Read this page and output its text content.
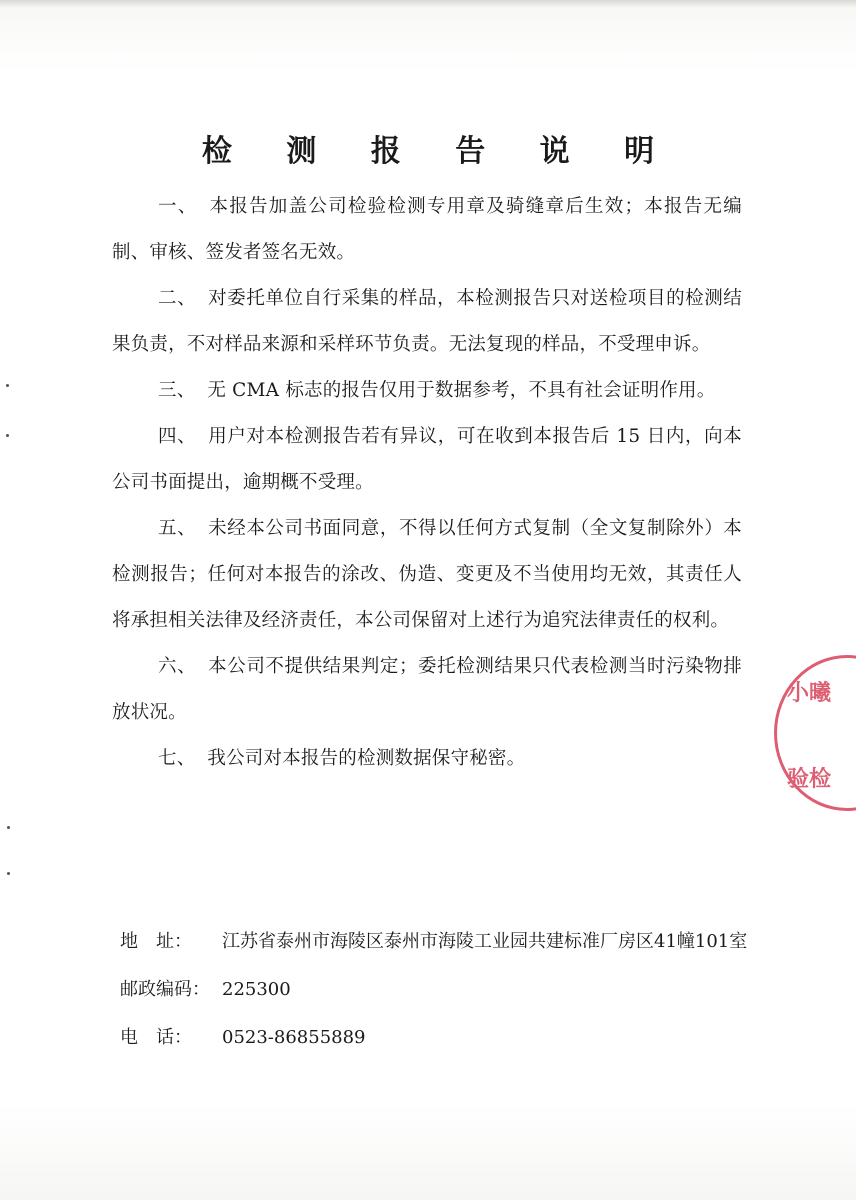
检 测 报 告 说 明

一、 本报告加盖公司检验检测专用章及骑缝章后生效；本报告无编制、审核、签发者签名无效。

二、 对委托单位自行采集的样品，本检测报告只对送检项目的检测结果负责，不对样品来源和采样环节负责。无法复现的样品，不受理申诉。

三、 无 CMA 标志的报告仅用于数据参考，不具有社会证明作用。

四、 用户对本检测报告若有异议，可在收到本报告后 15 日内，向本公司书面提出，逾期概不受理。

五、 未经本公司书面同意，不得以任何方式复制（全文复制除外）本检测报告；任何对本报告的涂改、伪造、变更及不当使用均无效，其责任人将承担相关法律及经济责任，本公司保留对上述行为追究法律责任的权利。

六、 本公司不提供结果判定；委托检测结果只代表检测当时污染物排放状况。

七、 我公司对本报告的检测数据保守秘密。

地　址：	江苏省泰州市海陵区泰州市海陵工业园共建标准厂房区41幢101室
邮政编码： 225300
电　话：	0523-86855889
小曦
验检
